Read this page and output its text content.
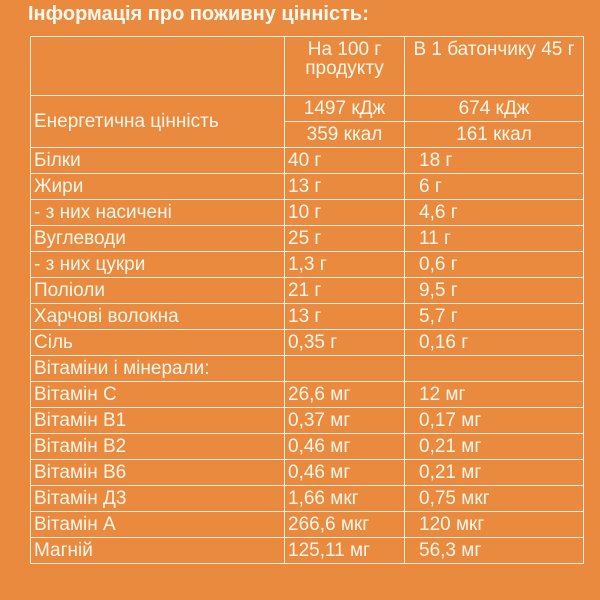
Інформація про поживну цінність:
	На 100 г продукту	В 1 батончику 45 г
Енергетична цінність	1497 кДж	674 кДж
	359 ккал	161 ккал
Білки	40 г	18 г
Жири	13 г	6 г
- з них насичені	10 г	4,6 г
Вуглеводи	25 г	11 г
- з них цукри	1,3 г	0,6 г
Поліоли	21 г	9,5 г
Харчові волокна	13 г	5,7 г
Сіль	0,35 г	0,16 г
Вітаміни і мінерали:		
Вітамін С	26,6 мг	12 мг
Вітамін В1	0,37 мг	0,17 мг
Вітамін В2	0,46 мг	0,21 мг
Вітамін В6	0,46 мг	0,21 мг
Вітамін Д3	1,66 мкг	0,75 мкг
Вітамін А	266,6 мкг	120 мкг
Магній	125,11 мг	56,3 мг
